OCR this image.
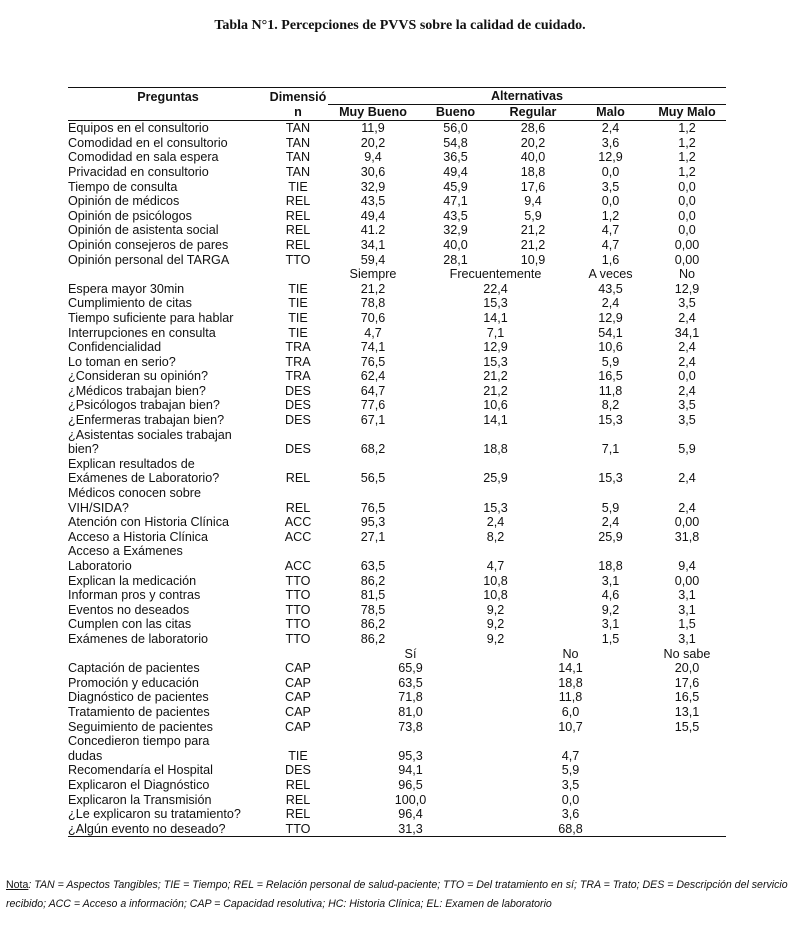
Tabla N°1. Percepciones de PVVS sobre la calidad de cuidado.
Preguntas	Dimensió	Alternativas				
	n	Muy Bueno	Bueno	Regular	Malo	Muy Malo
Equipos en el consultorio	TAN	11,9	56,0	28,6	2,4	1,2
Comodidad en el consultorio	TAN	20,2	54,8	20,2	3,6	1,2
Comodidad en sala espera	TAN	9,4	36,5	40,0	12,9	1,2
Privacidad en consultorio	TAN	30,6	49,4	18,8	0,0	1,2
Tiempo de consulta	TIE	32,9	45,9	17,6	3,5	0,0
Opinión de médicos	REL	43,5	47,1	9,4	0,0	0,0
Opinión de psicólogos	REL	49,4	43,5	5,9	1,2	0,0
Opinión de asistenta social	REL	41.2	32,9	21,2	4,7	0,0
Opinión consejeros de pares	REL	34,1	40,0	21,2	4,7	0,00
Opinión personal del TARGA	TTO	59,4	28,1	10,9	1,6	0,00
		Siempre	Frecuentemente		A veces	No
Espera mayor 30min	TIE	21,2	22,4		43,5	12,9
Cumplimiento de citas	TIE	78,8	15,3		2,4	3,5
Tiempo suficiente para hablar	TIE	70,6	14,1		12,9	2,4
Interrupciones en consulta	TIE	4,7	7,1		54,1	34,1
Confidencialidad	TRA	74,1	12,9		10,6	2,4
Lo toman en serio?	TRA	76,5	15,3		5,9	2,4
¿Consideran su opinión?	TRA	62,4	21,2		16,5	0,0
¿Médicos trabajan bien?	DES	64,7	21,2		11,8	2,4
¿Psicólogos trabajan bien?	DES	77,6	10,6		8,2	3,5
¿Enfermeras trabajan bien?	DES	67,1	14,1		15,3	3,5

¿Asistentas sociales trabajan
bien?	DES	68,2	18,8		7,1	5,9

Explican resultados de
Exámenes de Laboratorio?	REL	56,5	25,9		15,3	2,4

Médicos conocen sobre
VIH/SIDA?	REL	76,5	15,3		5,9	2,4
Atención con Historia Clínica	ACC	95,3	2,4		2,4	0,00
Acceso a Historia Clínica	ACC	27,1	8,2		25,9	31,8

Acceso a Exámenes
Laboratorio	ACC	63,5	4,7		18,8	9,4
Explican la medicación	TTO	86,2	10,8		3,1	0,00
Informan pros y contras	TTO	81,5	10,8		4,6	3,1
Eventos no deseados	TTO	78,5	9,2		9,2	3,1
Cumplen con las citas	TTO	86,2	9,2		3,1	1,5
Exámenes de laboratorio	TTO	86,2	9,2		1,5	3,1
		Sí		No		No sabe
Captación de pacientes	CAP	65,9		14,1		20,0
Promoción y educación	CAP	63,5		18,8		17,6
Diagnóstico de pacientes	CAP	71,8		11,8		16,5
Tratamiento de pacientes	CAP	81,0		6,0		13,1
Seguimiento de pacientes	CAP	73,8		10,7		15,5

Concedieron tiempo para
dudas	TIE	95,3		4,7		
Recomendaría el Hospital	DES	94,1		5,9		
Explicaron el Diagnóstico	REL	96,5		3,5		
Explicaron la Transmisión	REL	100,0		0,0		
¿Le explicaron su tratamiento?	REL	96,4		3,6		
¿Algún evento no deseado?	TTO	31,3		68,8		
Nota: TAN = Aspectos Tangibles; TIE = Tiempo; REL = Relación personal de salud-paciente; TTO = Del tratamiento en sí; TRA = Trato; DES = Descripción del servicio recibido; ACC = Acceso a información; CAP = Capacidad resolutiva; HC: Historia Clínica; EL: Examen de laboratorio
